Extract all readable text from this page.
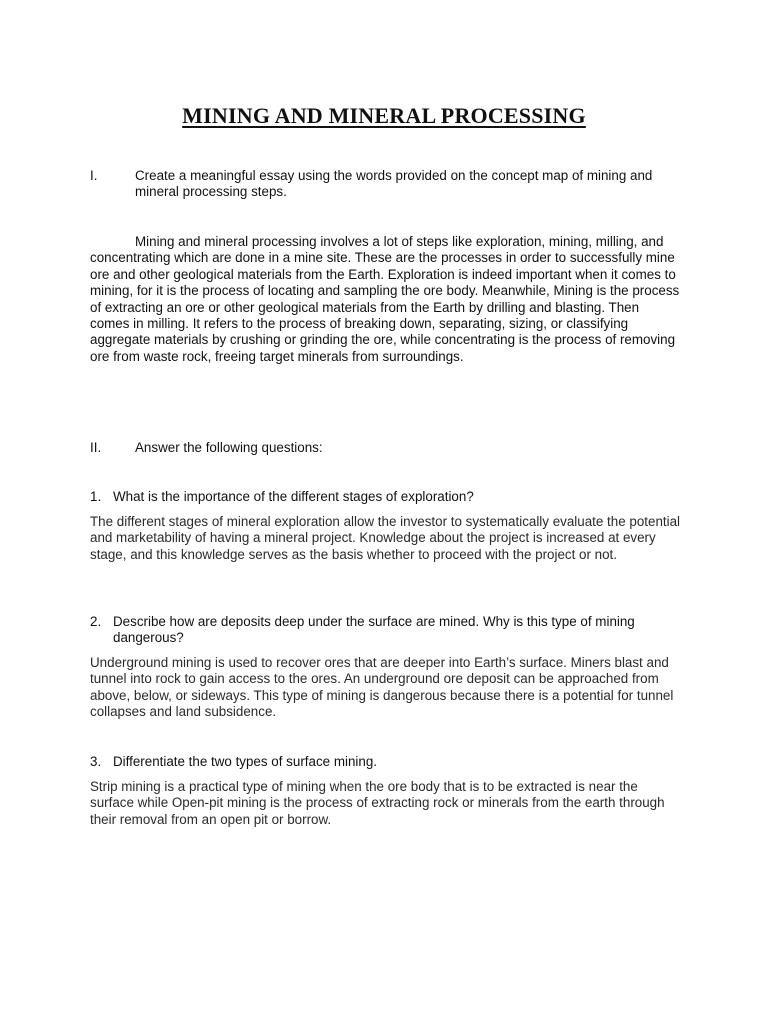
MINING AND MINERAL PROCESSING
I.	Create a meaningful essay using the words provided on the concept map of mining and mineral processing steps.
Mining and mineral processing involves a lot of steps like exploration, mining, milling, and concentrating which are done in a mine site. These are the processes in order to successfully mine ore and other geological materials from the Earth. Exploration is indeed important when it comes to mining, for it is the process of locating and sampling the ore body. Meanwhile, Mining is the process of extracting an ore or other geological materials from the Earth by drilling and blasting. Then comes in milling. It refers to the process of breaking down, separating, sizing, or classifying aggregate materials by crushing or grinding the ore, while concentrating is the process of removing ore from waste rock, freeing target minerals from surroundings.
II.	Answer the following questions:
1. What is the importance of the different stages of exploration?
The different stages of mineral exploration allow the investor to systematically evaluate the potential and marketability of having a mineral project. Knowledge about the project is increased at every stage, and this knowledge serves as the basis whether to proceed with the project or not.
2. Describe how are deposits deep under the surface are mined. Why is this type of mining dangerous?
Underground mining is used to recover ores that are deeper into Earth’s surface. Miners blast and tunnel into rock to gain access to the ores. An underground ore deposit can be approached from above, below, or sideways. This type of mining is dangerous because there is a potential for tunnel collapses and land subsidence.
3. Differentiate the two types of surface mining.
Strip mining is a practical type of mining when the ore body that is to be extracted is near the surface while Open-pit mining is the process of extracting rock or minerals from the earth through their removal from an open pit or borrow.
